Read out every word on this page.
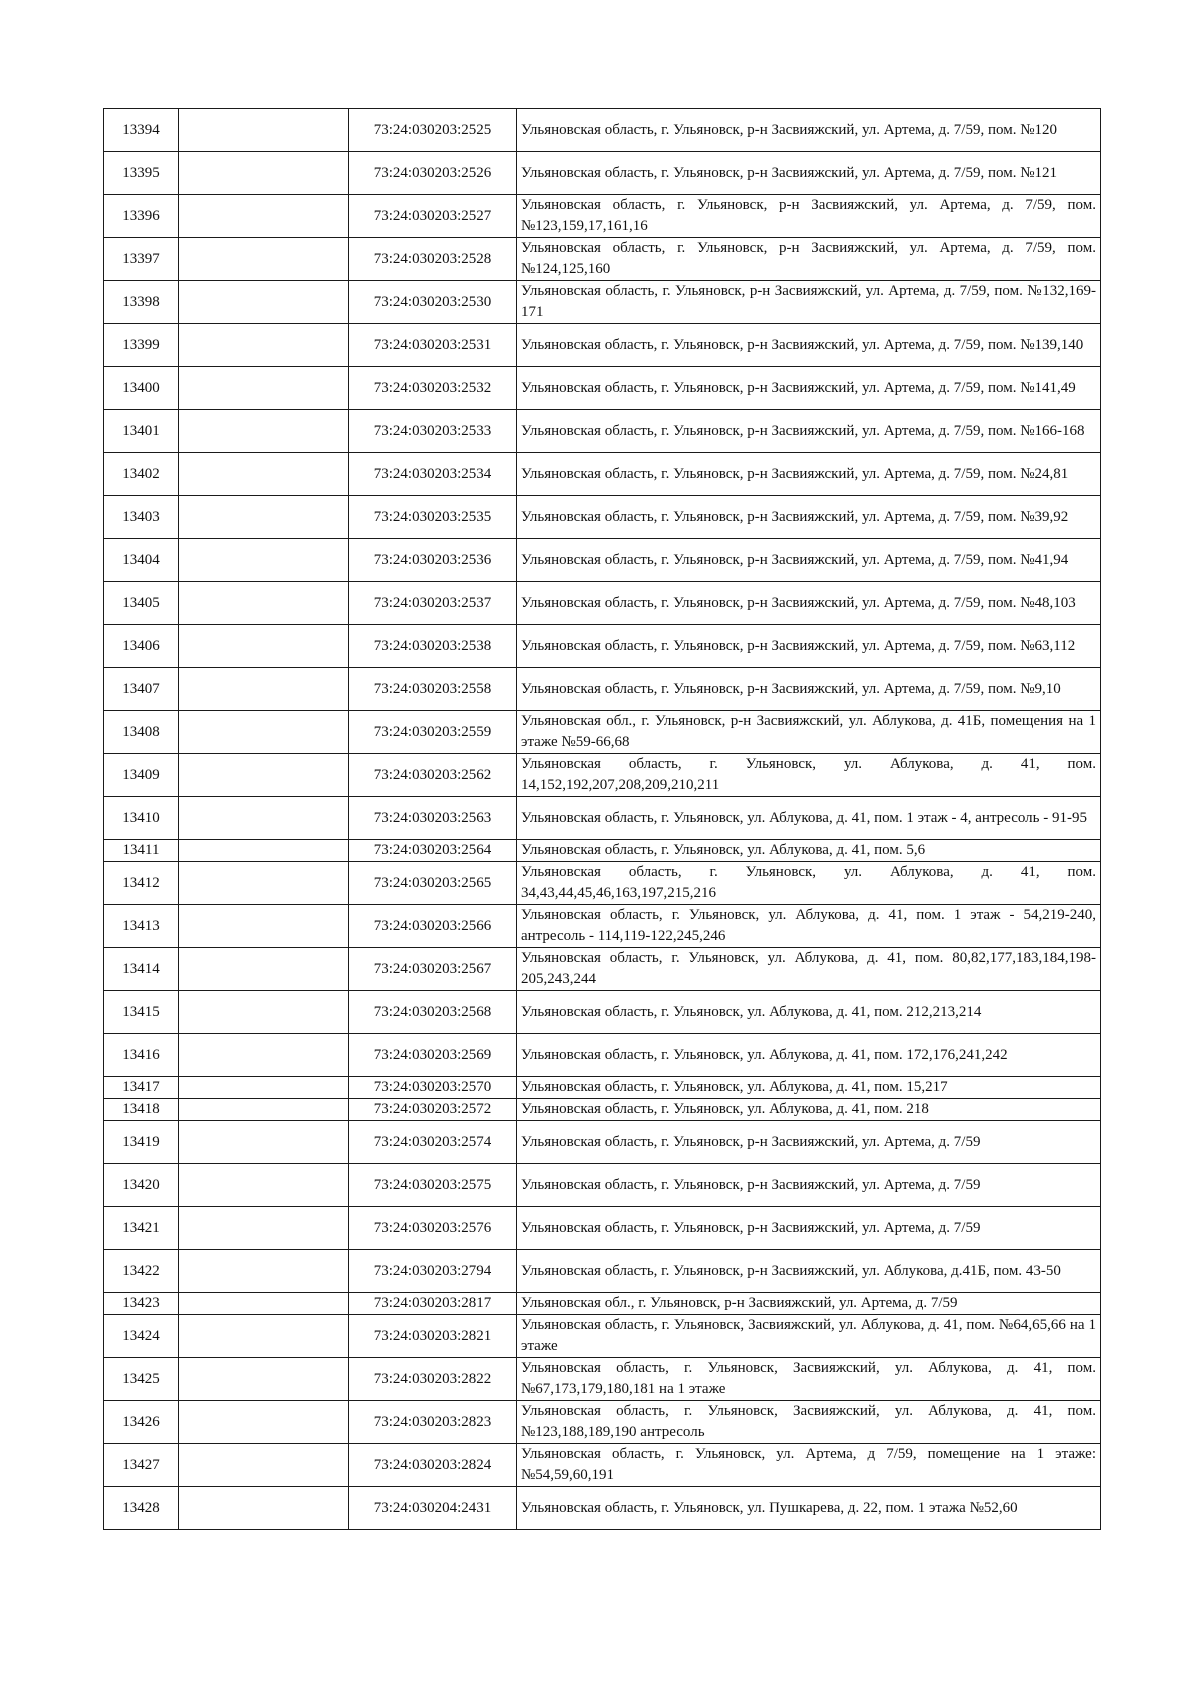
13394		73:24:030203:2525	Ульяновская область, г. Ульяновск, р-н Засвияжский, ул. Артема, д. 7/59, пом. №120
13395		73:24:030203:2526	Ульяновская область, г. Ульяновск, р-н Засвияжский, ул. Артема, д. 7/59, пом. №121
13396		73:24:030203:2527	Ульяновская область, г. Ульяновск, р-н Засвияжский, ул. Артема, д. 7/59, пом. №123,159,17,161,16
13397		73:24:030203:2528	Ульяновская область, г. Ульяновск, р-н Засвияжский, ул. Артема, д. 7/59, пом. №124,125,160
13398		73:24:030203:2530	Ульяновская область, г. Ульяновск, р-н Засвияжский, ул. Артема, д. 7/59, пом. №132,169-171
13399		73:24:030203:2531	Ульяновская область, г. Ульяновск, р-н Засвияжский, ул. Артема, д. 7/59, пом. №139,140
13400		73:24:030203:2532	Ульяновская область, г. Ульяновск, р-н Засвияжский, ул. Артема, д. 7/59, пом. №141,49
13401		73:24:030203:2533	Ульяновская область, г. Ульяновск, р-н Засвияжский, ул. Артема, д. 7/59, пом. №166-168
13402		73:24:030203:2534	Ульяновская область, г. Ульяновск, р-н Засвияжский, ул. Артема, д. 7/59, пом. №24,81
13403		73:24:030203:2535	Ульяновская область, г. Ульяновск, р-н Засвияжский, ул. Артема, д. 7/59, пом. №39,92
13404		73:24:030203:2536	Ульяновская область, г. Ульяновск, р-н Засвияжский, ул. Артема, д. 7/59, пом. №41,94
13405		73:24:030203:2537	Ульяновская область, г. Ульяновск, р-н Засвияжский, ул. Артема, д. 7/59, пом. №48,103
13406		73:24:030203:2538	Ульяновская область, г. Ульяновск, р-н Засвияжский, ул. Артема, д. 7/59, пом. №63,112
13407		73:24:030203:2558	Ульяновская область, г. Ульяновск, р-н Засвияжский, ул. Артема, д. 7/59, пом. №9,10
13408		73:24:030203:2559	Ульяновская обл., г. Ульяновск, р-н Засвияжский, ул. Аблукова, д. 41Б, помещения на 1 этаже №59-66,68
13409		73:24:030203:2562	Ульяновская область, г. Ульяновск, ул. Аблукова, д. 41, пом. 14,152,192,207,208,209,210,211
13410		73:24:030203:2563	Ульяновская область, г. Ульяновск, ул. Аблукова, д. 41, пом. 1 этаж - 4, антресоль - 91-95
13411		73:24:030203:2564	Ульяновская область, г. Ульяновск, ул. Аблукова, д. 41, пом. 5,6
13412		73:24:030203:2565	Ульяновская область, г. Ульяновск, ул. Аблукова, д. 41, пом. 34,43,44,45,46,163,197,215,216
13413		73:24:030203:2566	Ульяновская область, г. Ульяновск, ул. Аблукова, д. 41, пом. 1 этаж - 54,219-240, антресоль - 114,119-122,245,246
13414		73:24:030203:2567	Ульяновская область, г. Ульяновск, ул. Аблукова, д. 41, пом. 80,82,177,183,184,198-205,243,244
13415		73:24:030203:2568	Ульяновская область, г. Ульяновск, ул. Аблукова, д. 41, пом. 212,213,214
13416		73:24:030203:2569	Ульяновская область, г. Ульяновск, ул. Аблукова, д. 41, пом. 172,176,241,242
13417		73:24:030203:2570	Ульяновская область, г. Ульяновск, ул. Аблукова, д. 41, пом. 15,217
13418		73:24:030203:2572	Ульяновская область, г. Ульяновск, ул. Аблукова, д. 41, пом. 218
13419		73:24:030203:2574	Ульяновская область, г. Ульяновск, р-н Засвияжский, ул. Артема, д. 7/59
13420		73:24:030203:2575	Ульяновская область, г. Ульяновск, р-н Засвияжский, ул. Артема, д. 7/59
13421		73:24:030203:2576	Ульяновская область, г. Ульяновск, р-н Засвияжский, ул. Артема, д. 7/59
13422		73:24:030203:2794	Ульяновская область, г. Ульяновск, р-н Засвияжский, ул. Аблукова, д.41Б, пом. 43-50
13423		73:24:030203:2817	Ульяновская обл., г. Ульяновск, р-н Засвияжский, ул. Артема, д. 7/59
13424		73:24:030203:2821	Ульяновская область, г. Ульяновск, Засвияжский, ул. Аблукова, д. 41, пом. №64,65,66 на 1 этаже
13425		73:24:030203:2822	Ульяновская область, г. Ульяновск, Засвияжский, ул. Аблукова, д. 41, пом. №67,173,179,180,181 на 1 этаже
13426		73:24:030203:2823	Ульяновская область, г. Ульяновск, Засвияжский, ул. Аблукова, д. 41, пом. №123,188,189,190 антресоль
13427		73:24:030203:2824	Ульяновская область, г. Ульяновск, ул. Артема, д 7/59, помещение на 1 этаже: №54,59,60,191
13428		73:24:030204:2431	Ульяновская область, г. Ульяновск, ул. Пушкарева, д. 22, пом. 1 этажа №52,60
